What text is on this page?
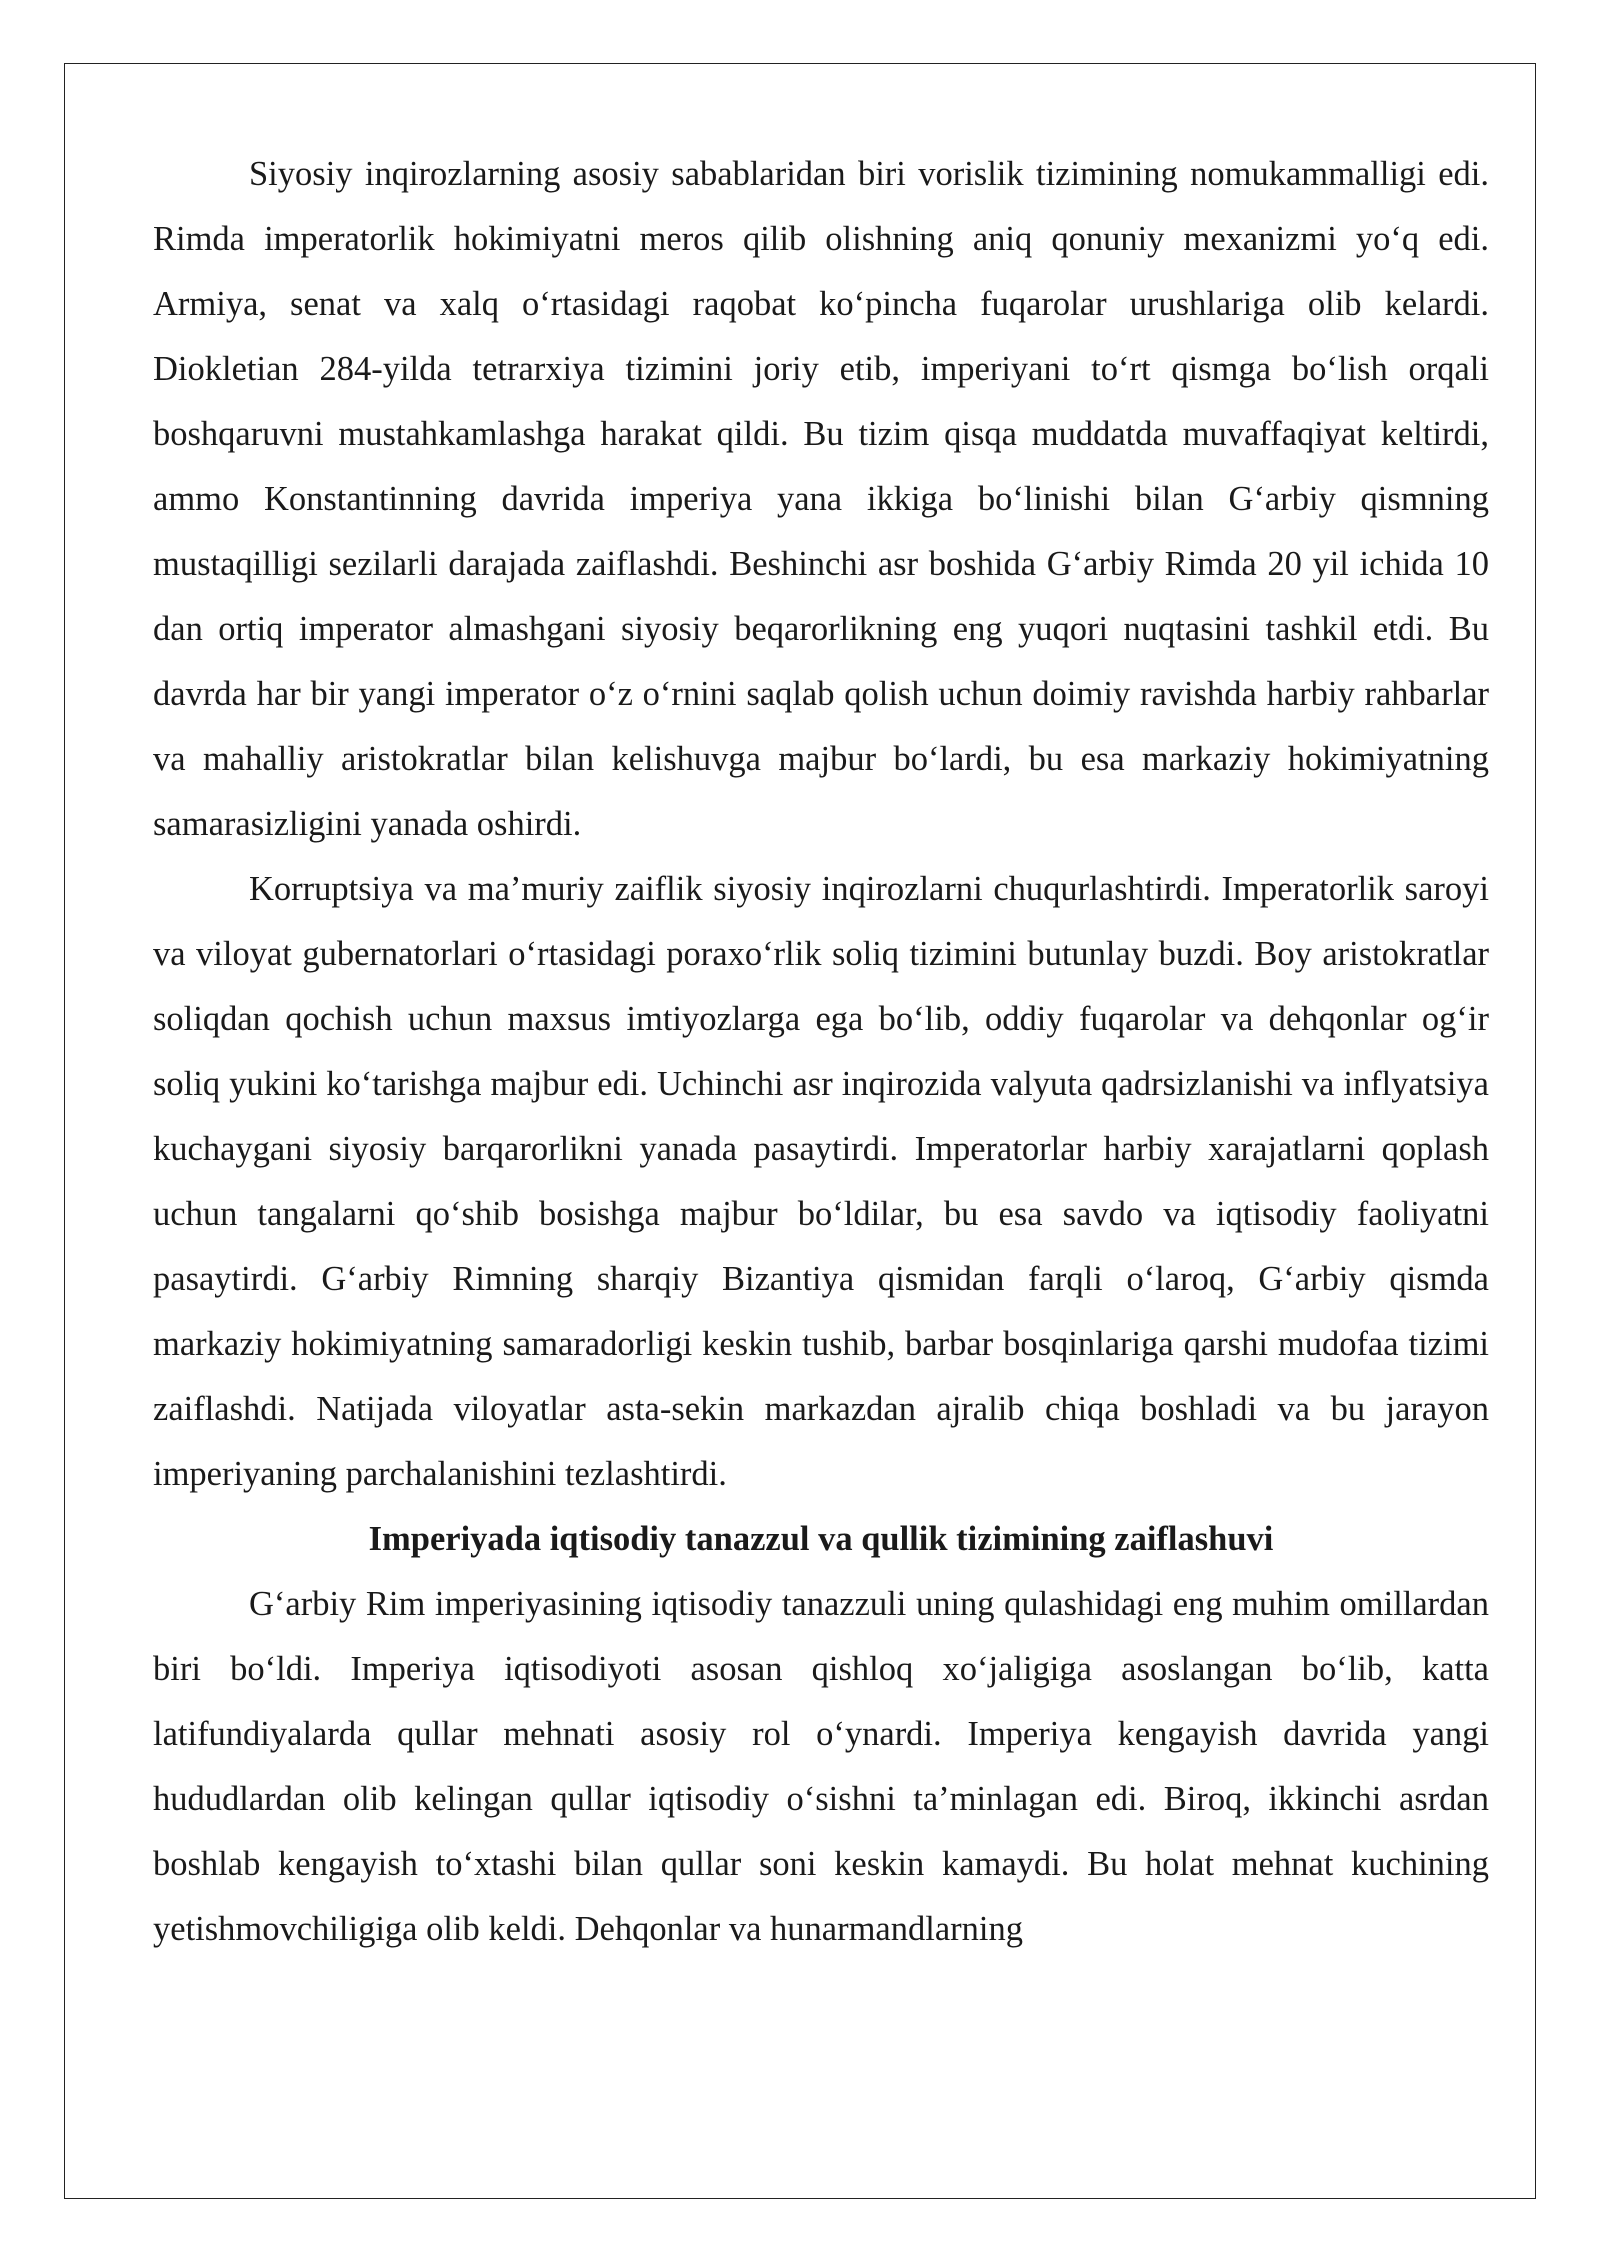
Siyosiy inqirozlarning asosiy sabablaridan biri vorislik tizimining nomukammalligi edi. Rimda imperatorlik hokimiyatni meros qilib olishning aniq qonuniy mexanizmi yo‘q edi. Armiya, senat va xalq o‘rtasidagi raqobat ko‘pincha fuqarolar urushlariga olib kelardi. Diokletian 284-yilda tetrarxiya tizimini joriy etib, imperiyani to‘rt qismga bo‘lish orqali boshqaruvni mustahkamlashga harakat qildi. Bu tizim qisqa muddatda muvaffaqiyat keltirdi, ammo Konstantinning davrida imperiya yana ikkiga bo‘linishi bilan G‘arbiy qismning mustaqilligi sezilarli darajada zaiflashdi. Beshinchi asr boshida G‘arbiy Rimda 20 yil ichida 10 dan ortiq imperator almashgani siyosiy beqarorlikning eng yuqori nuqtasini tashkil etdi. Bu davrda har bir yangi imperator o‘z o‘rnini saqlab qolish uchun doimiy ravishda harbiy rahbarlar va mahalliy aristokratlar bilan kelishuvga majbur bo‘lardi, bu esa markaziy hokimiyatning samarasizligini yanada oshirdi.

Korruptsiya va ma’muriy zaiflik siyosiy inqirozlarni chuqurlashtirdi. Imperatorlik saroyi va viloyat gubernatorlari o‘rtasidagi poraxo‘rlik soliq tizimini butunlay buzdi. Boy aristokratlar soliqdan qochish uchun maxsus imtiyozlarga ega bo‘lib, oddiy fuqarolar va dehqonlar og‘ir soliq yukini ko‘tarishga majbur edi. Uchinchi asr inqirozida valyuta qadrsizlanishi va inflyatsiya kuchaygani siyosiy barqarorlikni yanada pasaytirdi. Imperatorlar harbiy xarajatlarni qoplash uchun tangalarni qo‘shib bosishga majbur bo‘ldilar, bu esa savdo va iqtisodiy faoliyatni pasaytirdi. G‘arbiy Rimning sharqiy Bizantiya qismidan farqli o‘laroq, G‘arbiy qismda markaziy hokimiyatning samaradorligi keskin tushib, barbar bosqinlariga qarshi mudofaa tizimi zaiflashdi. Natijada viloyatlar asta-sekin markazdan ajralib chiqa boshladi va bu jarayon imperiyaning parchalanishini tezlashtirdi.

Imperiyada iqtisodiy tanazzul va qullik tizimining zaiflashuvi

G‘arbiy Rim imperiyasining iqtisodiy tanazzuli uning qulashidagi eng muhim omillardan biri bo‘ldi. Imperiya iqtisodiyoti asosan qishloq xo‘jaligiga asoslangan bo‘lib, katta latifundiyalarda qullar mehnati asosiy rol o‘ynardi. Imperiya kengayish davrida yangi hududlardan olib kelingan qullar iqtisodiy o‘sishni ta’minlagan edi. Biroq, ikkinchi asrdan boshlab kengayish to‘xtashi bilan qullar soni keskin kamaydi. Bu holat mehnat kuchining yetishmovchiligiga olib keldi. Dehqonlar va hunarmandlarning
